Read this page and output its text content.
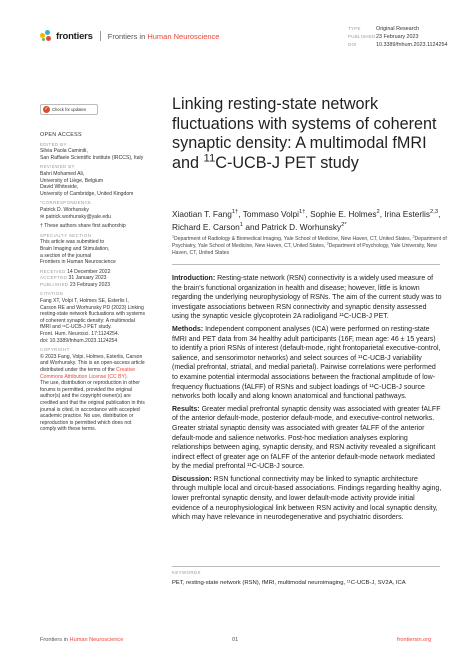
frontiers Frontiers in Human Neuroscience
TYPE	Original Research
PUBLISHED23 February 2023
DOI	10.3389/fnhum.2023.1124254
✓ Check for updates
OPEN ACCESS
EDITED BY

Silvia Paola Caminiti,

San Raffaele Scientific Institute (IRCCS), Italy

REVIEWED BY

Bahri Mohamed Ali,

University of Liège, Belgium

David Whiteside,

University of Cambridge, United Kingdom

*CORRESPONDENCE

Patrick D. Worhunsky

✉ patrick.worhunsky@yale.edu

† These authors share first authorship

SPECIALTY SECTION

This article was submitted to

Brain Imaging and Stimulation,

a section of the journal

Frontiers in Human Neuroscience

RECEIVED 14 December 2022
ACCEPTED 31 January 2023
PUBLISHED 23 February 2023
CITATION

Fang XT, Volpi T, Holmes SE, Esterlis I,

Carson RE and Worhunsky PD (2023) Linking

resting-state network fluctuations with systems

of coherent synaptic density: A multimodal

fMRI and ¹¹C-UCB-J PET study.

Front. Hum. Neurosci. 17:1124254.

doi: 10.3389/fnhum.2023.1124254

COPYRIGHT

© 2023 Fang, Volpi, Holmes, Esterlis, Carson

and Worhunsky. This is an open-access article

distributed under the terms of the Creative

Commons Attribution License (CC BY).

The use, distribution or reproduction in other

forums is permitted, provided the original

author(s) and the copyright owner(s) are

credited and that the original publication in this

journal is cited, in accordance with accepted

academic practice. No use, distribution or

reproduction is permitted which does not

comply with these terms.

Linking resting-state network fluctuations with systems of coherent synaptic density: A multimodal fMRI and $^{11}$C-UCB-J PET study
Xiaotian T. Fang$^{1\dagger}$, Tommaso Volpi$^{1\dagger}$, Sophie E. Holmes$^2$, Irina Esterlis$^{2,3}$, Richard E. Carson$^1$ and Patrick D. Worhunsky$^{2*}$
$^1$Department of Radiology & Biomedical Imaging, Yale School of Medicine, New Haven, CT, United States, $^2$Department of Psychiatry, Yale School of Medicine, New Haven, CT, United States, $^3$Department of Psychology, Yale University, New Haven, CT, United States

Introduction: Resting-state network (RSN) connectivity is a widely used measure of the brain's functional organization in health and disease; however, little is known regarding the underlying neurophysiology of RSNs. The aim of the current study was to investigate associations between RSN connectivity and synaptic density assessed using the synaptic vesicle glycoprotein 2A radioligand ¹¹C-UCB-J PET.

Methods: Independent component analyses (ICA) were performed on resting-state fMRI and PET data from 34 healthy adult participants (16F, mean age: 46 ± 15 years) to identify a priori RSNs of interest (default-mode, right frontoparietal executive-control, salience, and sensorimotor networks) and select sources of ¹¹C-UCB-J variability (medial prefrontal, striatal, and medial parietal). Pairwise correlations were performed to examine potential intermodal associations between the fractional amplitude of low-frequency fluctuations (fALFF) of RSNs and subject loadings of ¹¹C-UCB-J source networks both locally and along known anatomical and functional pathways.

Results: Greater medial prefrontal synaptic density was associated with greater fALFF of the anterior default-mode, posterior default-mode, and executive-control networks. Greater striatal synaptic density was associated with greater fALFF of the anterior default-mode and salience networks. Post-hoc mediation analyses exploring relationships between aging, synaptic density, and RSN activity revealed a significant indirect effect of greater age on fALFF of the anterior default-mode network mediated by the medial prefrontal ¹¹C-UCB-J source.

Discussion: RSN functional connectivity may be linked to synaptic architecture through multiple local and circuit-based associations. Findings regarding healthy aging, lower prefrontal synaptic density, and lower default-mode activity provide initial evidence of a neurophysiological link between RSN activity and local synaptic density, which may have relevance in neurodegenerative and psychiatric disorders.

KEYWORDS
PET, resting-state network (RSN), fMRI, multimodal neuroimaging, ¹¹C-UCB-J, SV2A, ICA
Frontiers in Human Neuroscience	01	frontiersin.org
